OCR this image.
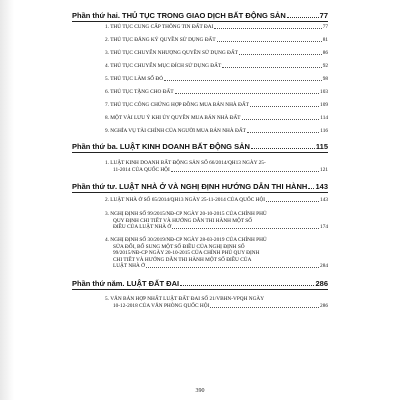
Phần thứ hai. THỦ TỤC TRONG GIAO DỊCH BẤT ĐỘNG SẢN	77
1. THỦ TỤC CUNG CẤP THÔNG TIN ĐẤT ĐAI	77
2. THỦ TỤC ĐĂNG KÝ QUYỀN SỬ DỤNG ĐẤT	81
3. THỦ TỤC CHUYỂN NHƯỢNG QUYỀN SỬ DỤNG ĐẤT	86
4. THỦ TỤC CHUYỂN MỤC ĐÍCH SỬ DỤNG ĐẤT	92
5. THỦ TỤC LÀM SỔ ĐỎ	98
6. THỦ TỤC TẶNG CHO ĐẤT	103
7. THỦ TỤC CÔNG CHỨNG HỢP ĐỒNG MUA BÁN NHÀ ĐẤT	109
8. MỘT VÀI LƯU Ý KHI ỦY QUYỀN MUA BÁN NHÀ ĐẤT	114
9. NGHĨA VỤ TÀI CHÍNH CỦA NGƯỜI MUA BÁN NHÀ ĐẤT	116
Phần thứ ba. LUẬT KINH DOANH BẤT ĐỘNG SẢN	115
1. LUẬT KINH DOANH BẤT ĐỘNG SẢN SỐ 66/2014/QH13 NGÀY 25-
11-2014 CỦA QUỐC HỘI	121
Phần thứ tư. LUẬT NHÀ Ở VÀ NGHỊ ĐỊNH HƯỚNG DẪN THI HÀNH 143
2. LUẬT NHÀ Ở SỐ 65/2014/QH13 NGÀY 25-11-2014 CỦA QUỐC HỘI	143
3. NGHỊ ĐỊNH SỐ 99/2015/NĐ-CP NGÀY 20-10-2015 CỦA CHÍNH PHỦ
QUY ĐỊNH CHI TIẾT VÀ HƯỚNG DẪN THI HÀNH MỘT SỐ
ĐIỀU CỦA LUẬT NHÀ Ở	174
4. NGHỊ ĐỊNH SỐ 30/2019/NĐ-CP NGÀY 28-03-2019 CỦA CHÍNH PHỦ
SỬA ĐỔI, BỔ SUNG MỘT SỐ ĐIỀU CỦA NGHỊ ĐỊNH SỐ
99/2015/NĐ-CP NGÀY 20-10-2015 CỦA CHÍNH PHỦ QUY ĐỊNH
CHI TIẾT VÀ HƯỚNG DẪN THI HÀNH MỘT SỐ ĐIỀU CỦA
LUẬT NHÀ Ở	284
Phần thứ năm. LUẬT ĐẤT ĐAI	286
5. VĂN BẢN HỢP NHẤT LUẬT ĐẤT ĐAI SỐ 21/VBHN-VPQH NGÀY
10-12-2018 CỦA VĂN PHÒNG QUỐC HỘI	286
390
